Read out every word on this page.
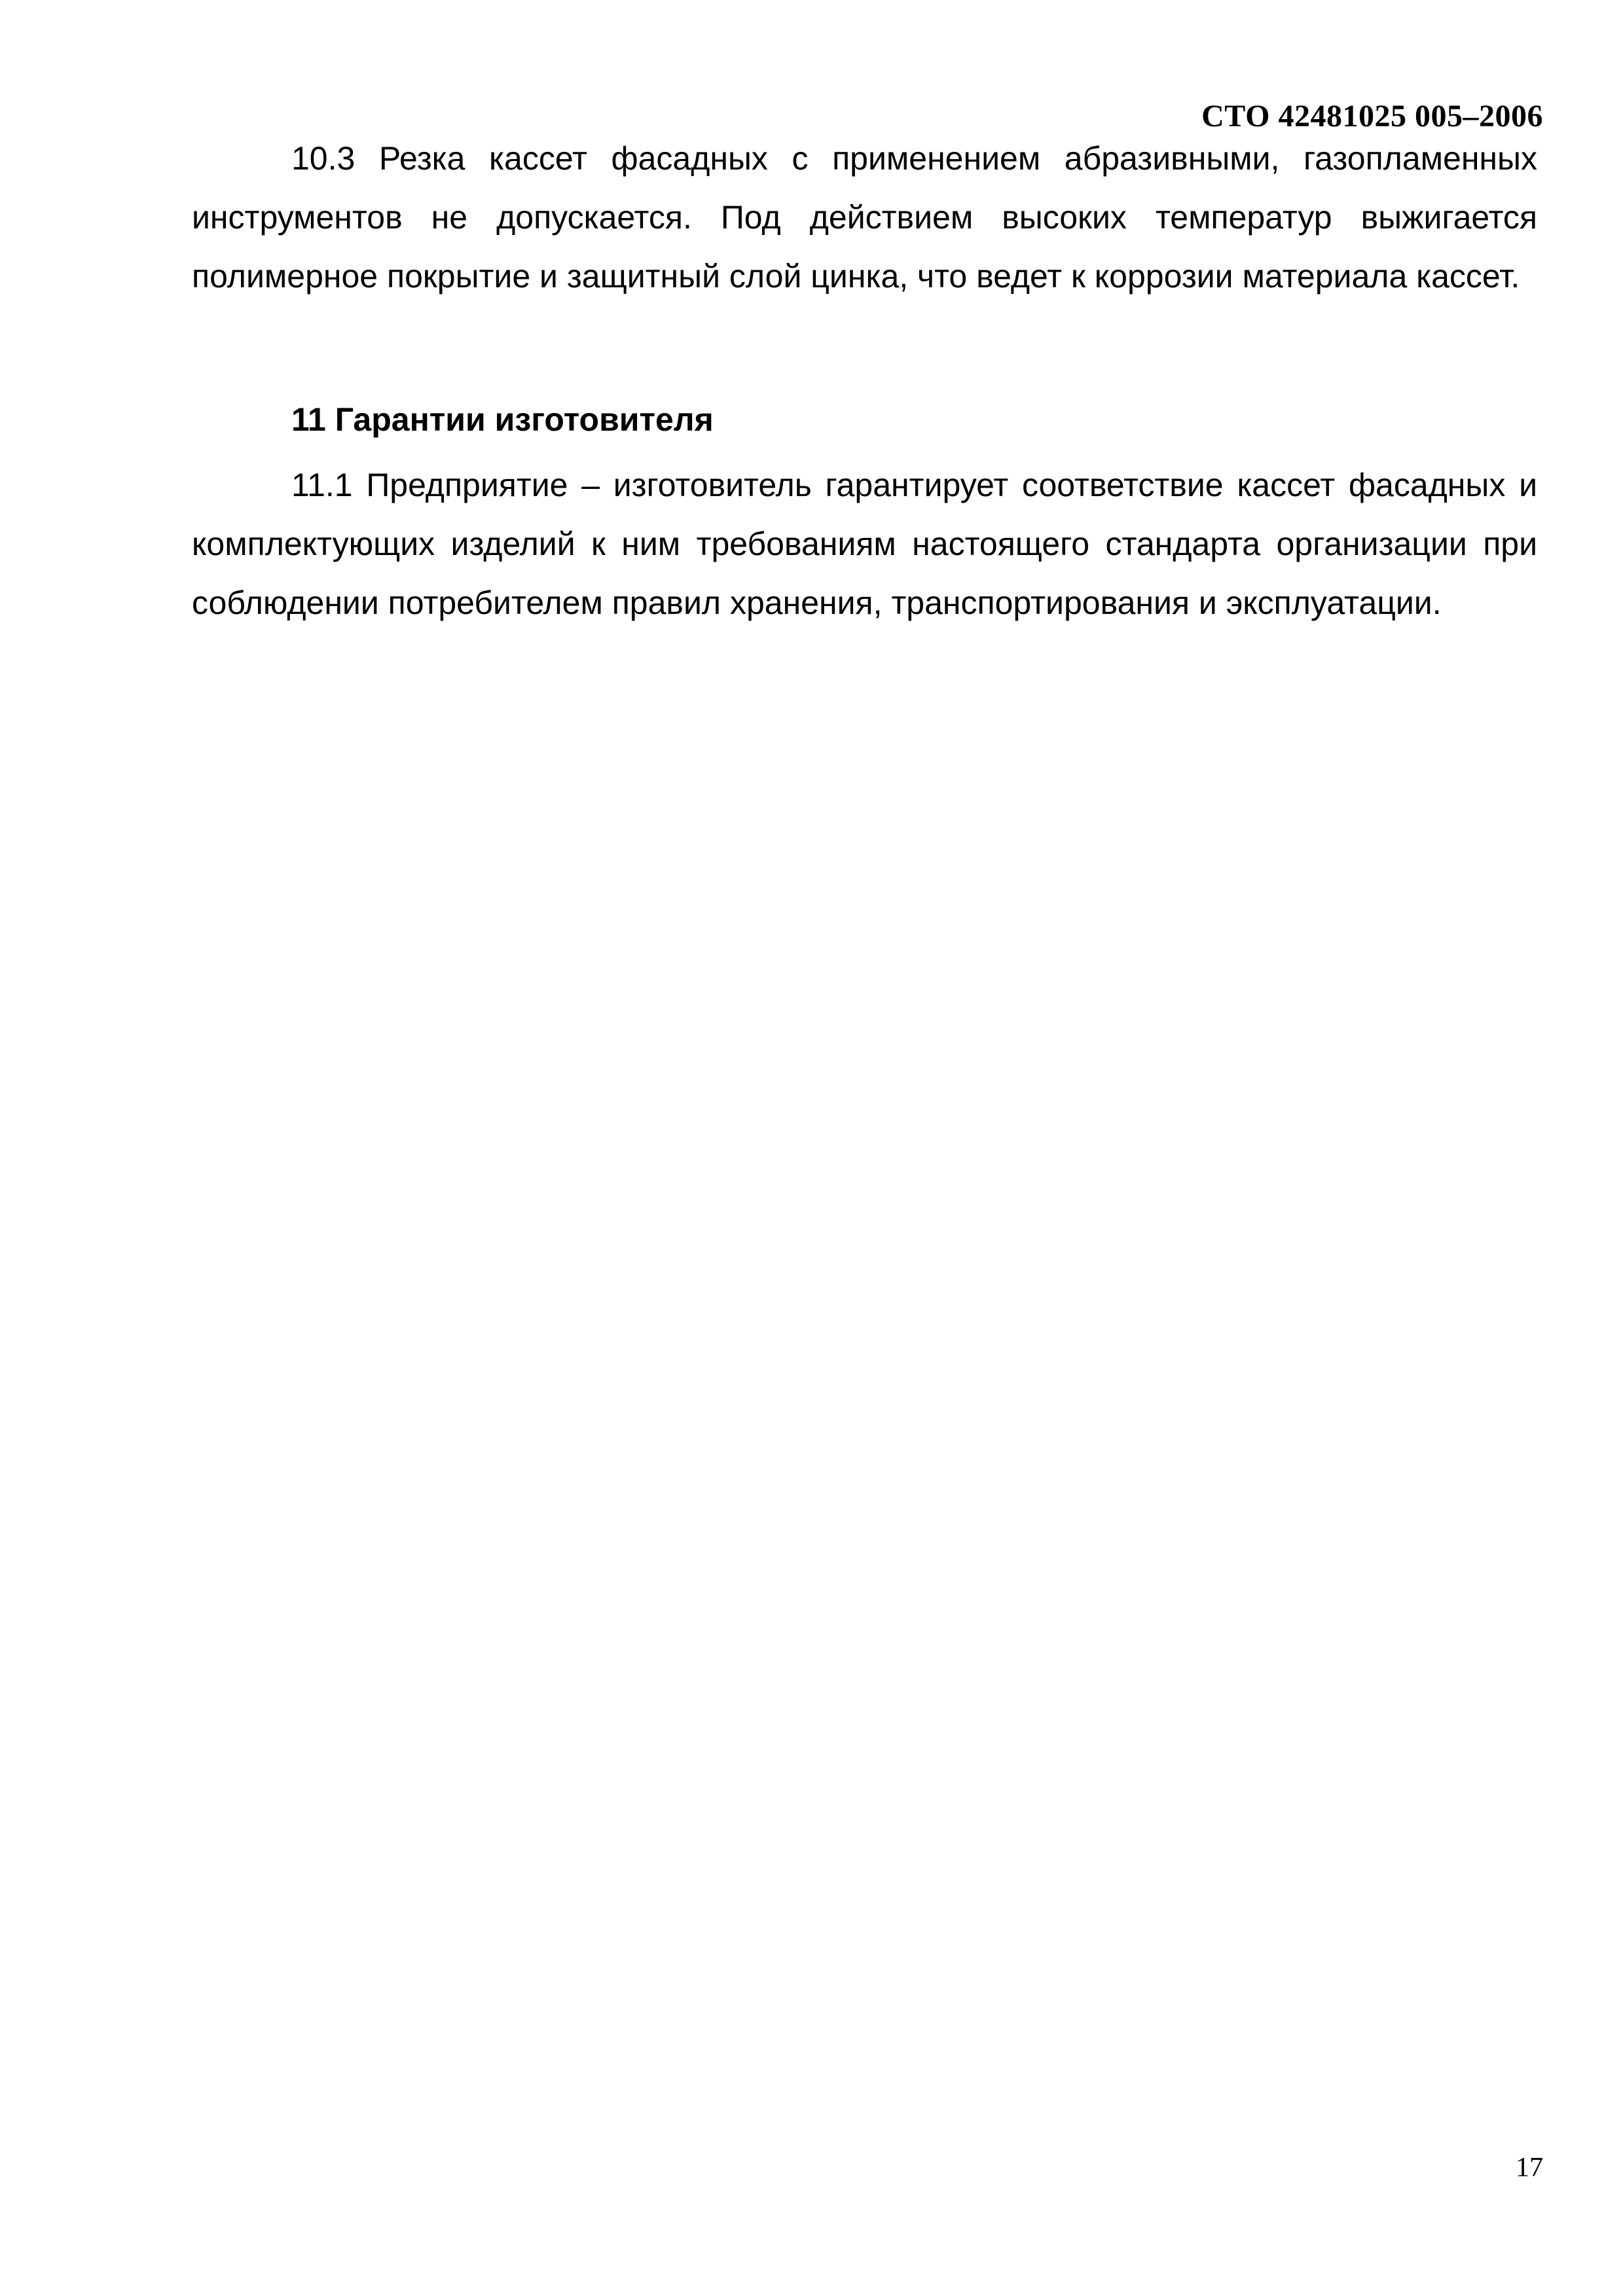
СТО 42481025 005–2006

10.3 Резка кассет фасадных с применением абразивными, газопламенных инструментов не допускается. Под действием высоких температур выжигается полимерное покрытие и защитный слой цинка, что ведет к коррозии материала кассет.

11 Гарантии изготовителя

11.1 Предприятие – изготовитель гарантирует соответствие кассет фасадных и комплектующих изделий к ним требованиям настоящего стандарта организации при соблюдении потребителем правил хранения, транспортирования и эксплуатации.

17
